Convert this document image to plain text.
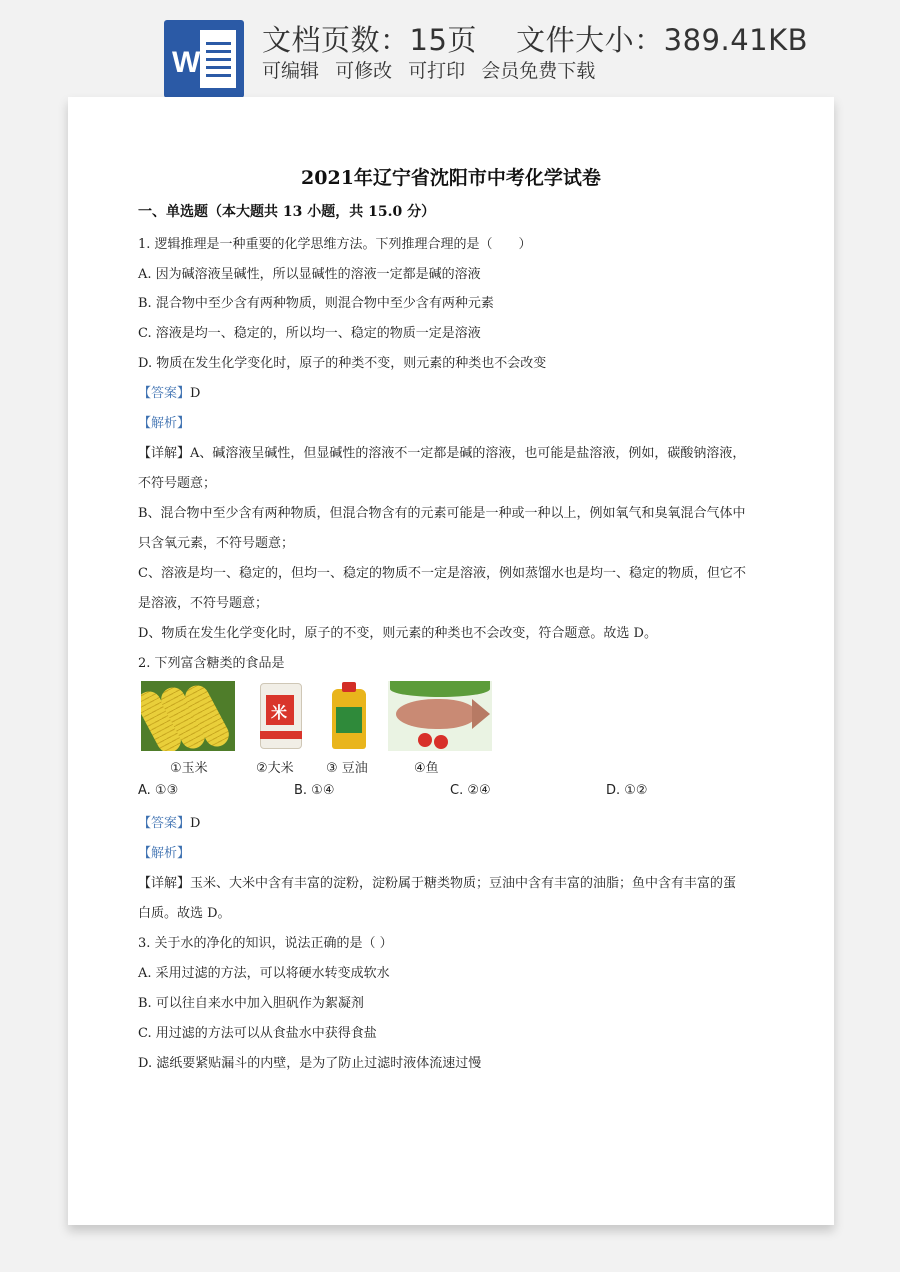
W
文档页数：15页　 文件大小：389.41KB
可编辑 可修改 可打印 会员免费下载
2021年辽宁省沈阳市中考化学试卷
一、单选题（本大题共 13 小题，共 15.0 分）
1. 逻辑推理是一种重要的化学思维方法。下列推理合理的是（　　）
A. 因为碱溶液呈碱性，所以显碱性的溶液一定都是碱的溶液
B. 混合物中至少含有两种物质，则混合物中至少含有两种元素
C. 溶液是均一、稳定的，所以均一、稳定的物质一定是溶液
D. 物质在发生化学变化时，原子的种类不变，则元素的种类也不会改变
【答案】D
【解析】
【详解】A、碱溶液呈碱性，但显碱性的溶液不一定都是碱的溶液，也可能是盐溶液，例如，碳酸钠溶液，
不符号题意；
B、混合物中至少含有两种物质，但混合物含有的元素可能是一种或一种以上，例如氧气和臭氧混合气体中
只含氧元素，不符号题意；
C、溶液是均一、稳定的，但均一、稳定的物质不一定是溶液，例如蒸馏水也是均一、稳定的物质，但它不
是溶液，不符号题意；
D、物质在发生化学变化时，原子的不变，则元素的种类也不会改变，符合题意。故选 D。
2. 下列富含糖类的食品是
米
①玉米	②大米 ③ 豆油	④鱼
A. ①③	B. ①④	C. ②④	D. ①②
【答案】D
【解析】
【详解】玉米、大米中含有丰富的淀粉，淀粉属于糖类物质；豆油中含有丰富的油脂；鱼中含有丰富的蛋
白质。故选 D。
3. 关于水的净化的知识，说法正确的是（ ）
A. 采用过滤的方法，可以将硬水转变成软水
B. 可以往自来水中加入胆矾作为絮凝剂
C. 用过滤的方法可以从食盐水中获得食盐
D. 滤纸要紧贴漏斗的内壁，是为了防止过滤时液体流速过慢
